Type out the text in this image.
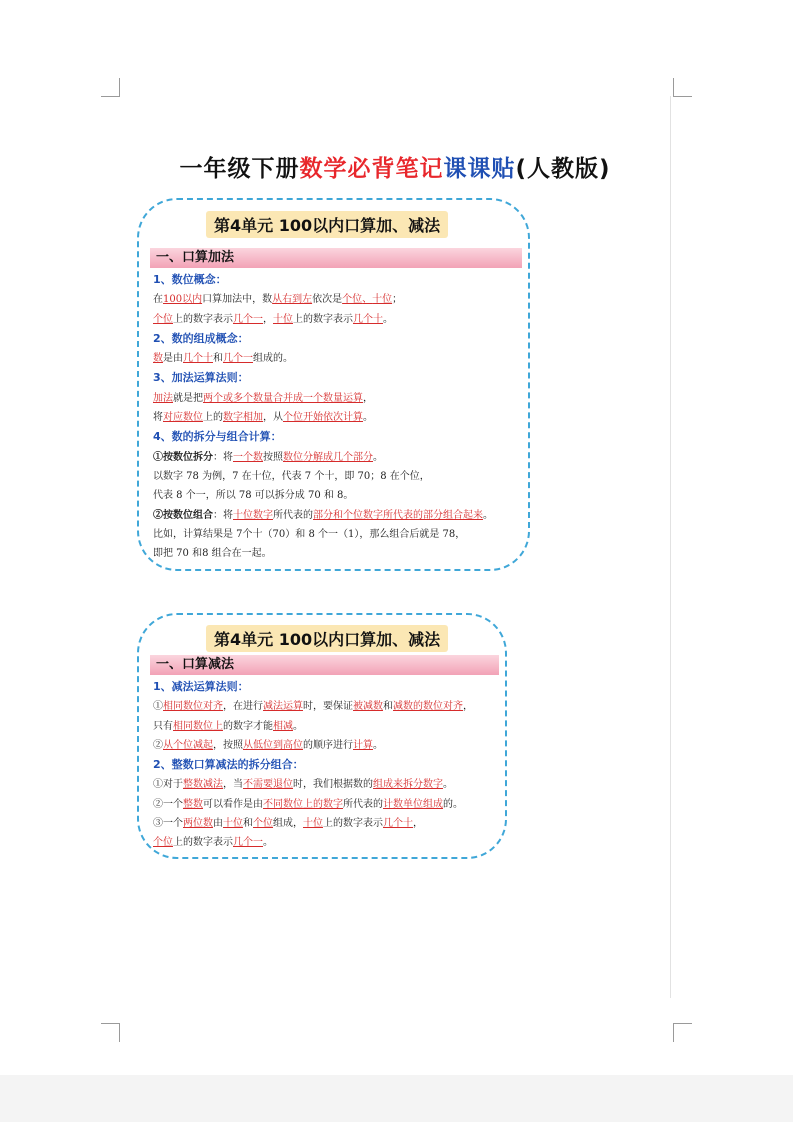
一年级下册数学必背笔记课课贴(人教版)
第4单元 100以内口算加、减法
一、口算加法

1、数位概念：

在100以内口算加法中，数从右到左依次是个位、十位；

个位上的数字表示几个一，十位上的数字表示几个十。

2、数的组成概念：

数是由几个十和几个一组成的。

3、加法运算法则：

加法就是把两个或多个数量合并成一个数量运算，

将对应数位上的数字相加，从个位开始依次计算。

4、数的拆分与组合计算：

①按数位拆分：将一个数按照数位分解成几个部分。

以数字 78 为例，7 在十位，代表 7 个十，即 70；8 在个位，

代表 8 个一，所以 78 可以拆分成 70 和 8。

②按数位组合：将十位数字所代表的部分和个位数字所代表的部分组合起来。

比如，计算结果是 7个十（70）和 8 个一（1），那么组合后就是 78，

即把 70 和8 组合在一起。

第4单元 100以内口算加、减法
一、口算减法

1、减法运算法则：

①相同数位对齐，在进行减法运算时，要保证被减数和减数的数位对齐，

只有相同数位上的数字才能相减。

②从个位减起，按照从低位到高位的顺序进行计算。

2、整数口算减法的拆分组合：

①对于整数减法，当不需要退位时，我们根据数的组成来拆分数字。

②一个整数可以看作是由不同数位上的数字所代表的计数单位组成的。

③一个两位数由十位和个位组成，十位上的数字表示几个十，

个位上的数字表示几个一。
